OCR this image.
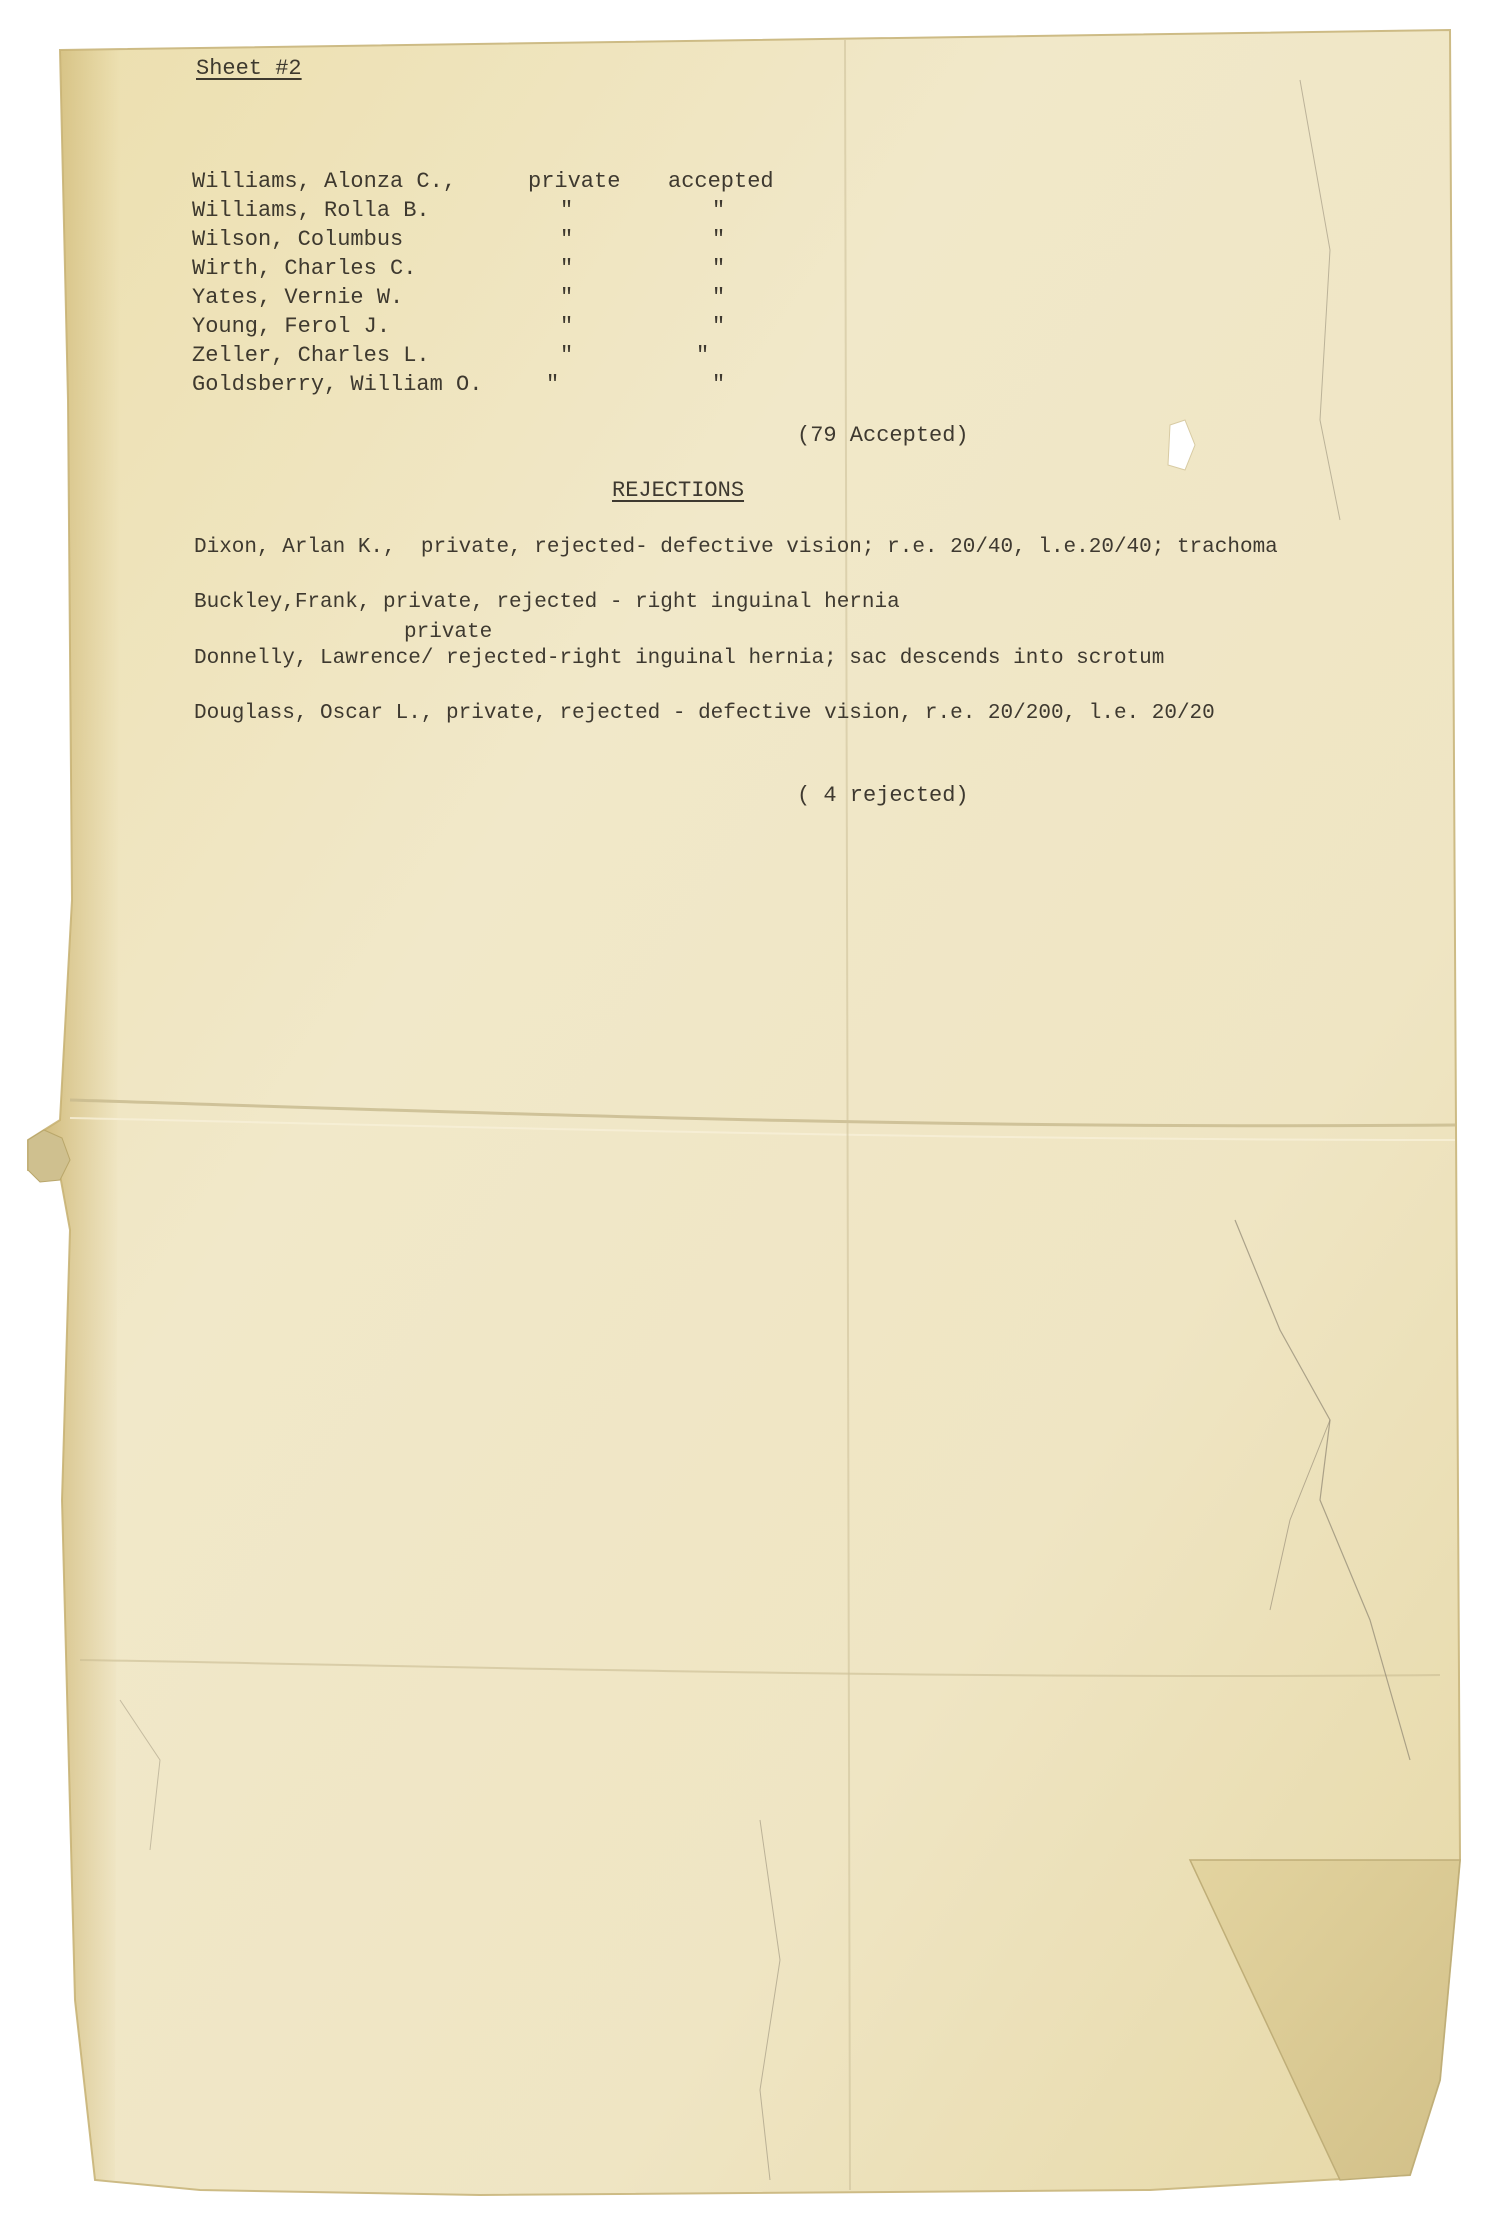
Sheet #2
Williams, Alonza C.,	private accepted
Williams, Rolla B.	"	"
Wilson, Columbus	"	"
Wirth, Charles C.	"	"
Yates, Vernie W.	"	"
Young, Ferol J.	"	"
Zeller, Charles L.	"	"
Goldsberry, William O.	"	"
(79 Accepted)
REJECTIONS
Dixon, Arlan K.,  private, rejected- defective vision; r.e. 20/40, l.e.20/40; trachoma
Buckley,Frank, private, rejected - right inguinal hernia
private
Donnelly, Lawrence/ rejected-right inguinal hernia; sac descends into scrotum
Douglass, Oscar L., private, rejected - defective vision, r.e. 20/200, l.e. 20/20
( 4 rejected)
